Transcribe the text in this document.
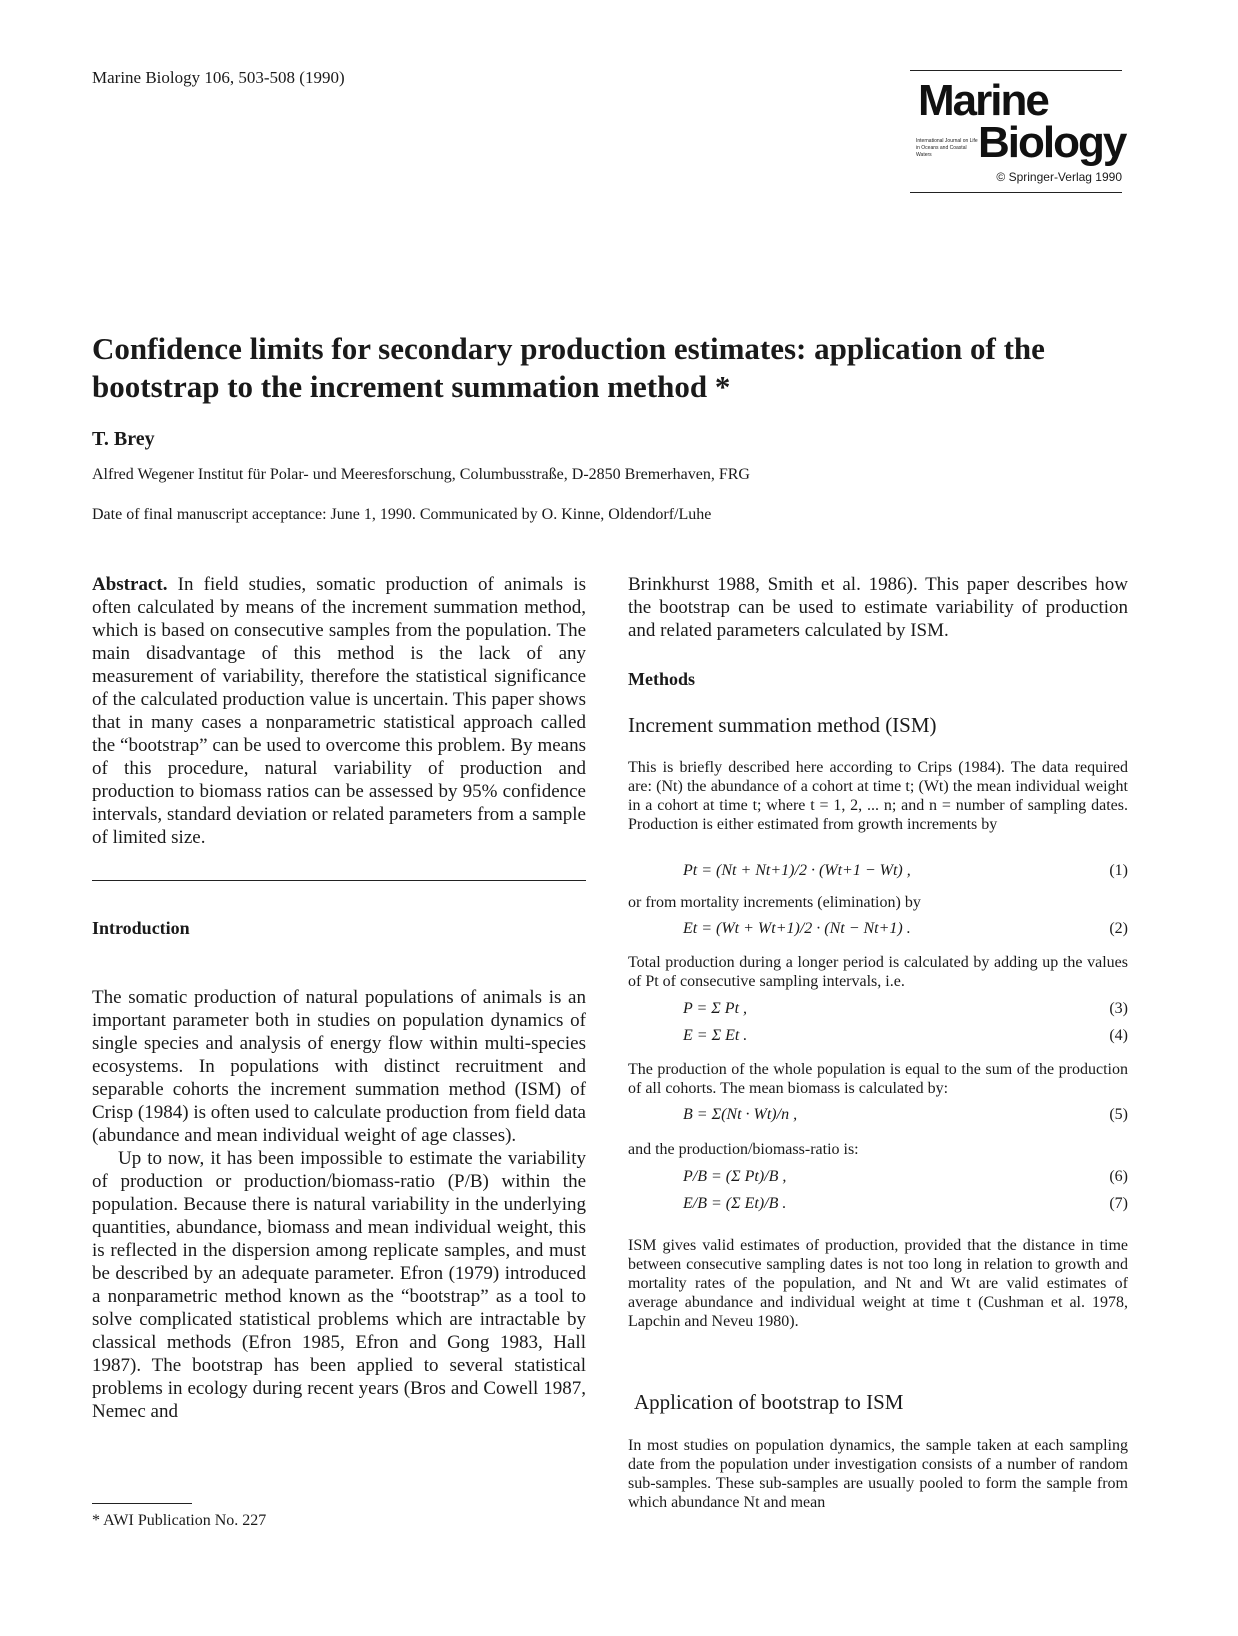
Marine Biology 106, 503-508 (1990)	Marine
International Journal on Life in Oceans and Coastal Waters	Biology
© Springer-Verlag 1990
Confidence limits for secondary production estimates: application of the bootstrap to the increment summation method *
T. Brey
Alfred Wegener Institut für Polar- und Meeresforschung, Columbusstraße, D-2850 Bremerhaven, FRG
Date of final manuscript acceptance: June 1, 1990. Communicated by O. Kinne, Oldendorf/Luhe

Abstract. In field studies, somatic production of animals is often calculated by means of the increment summation method, which is based on consecutive samples from the population. The main disadvantage of this method is the lack of any measurement of variability, therefore the statistical significance of the calculated production value is uncertain. This paper shows that in many cases a nonparametric statistical approach called the “bootstrap” can be used to overcome this problem. By means of this procedure, natural variability of production and production to biomass ratios can be assessed by 95% confidence intervals, standard deviation or related parameters from a sample of limited size.

Introduction

The somatic production of natural populations of animals is an important parameter both in studies on population dynamics of single species and analysis of energy flow within multi-species ecosystems. In populations with distinct recruitment and separable cohorts the increment summation method (ISM) of Crisp (1984) is often used to calculate production from field data (abundance and mean individual weight of age classes).

Up to now, it has been impossible to estimate the variability of production or production/biomass-ratio (P/B) within the population. Because there is natural variability in the underlying quantities, abundance, biomass and mean individual weight, this is reflected in the dispersion among replicate samples, and must be described by an adequate parameter. Efron (1979) introduced a nonparametric method known as the “bootstrap” as a tool to solve complicated statistical problems which are intractable by classical methods (Efron 1985, Efron and Gong 1983, Hall 1987). The bootstrap has been applied to several statistical problems in ecology during recent years (Bros and Cowell 1987, Nemec and

* AWI Publication No. 227

Brinkhurst 1988, Smith et al. 1986). This paper describes how the bootstrap can be used to estimate variability of production and related parameters calculated by ISM.

Methods
Increment summation method (ISM)

This is briefly described here according to Crips (1984). The data required are: (Nt) the abundance of a cohort at time t; (Wt) the mean individual weight in a cohort at time t; where t = 1, 2, ... n; and n = number of sampling dates. Production is either estimated from growth increments by

Pt = (Nt + Nt+1)/2 · (Wt+1 − Wt) ,	(1)

or from mortality increments (elimination) by

Et = (Wt + Wt+1)/2 · (Nt − Nt+1) .	(2)

Total production during a longer period is calculated by adding up the values of Pt of consecutive sampling intervals, i.e.

P = Σ Pt ,	(3)
E = Σ Et .	(4)

The production of the whole population is equal to the sum of the production of all cohorts. The mean biomass is calculated by:

B = Σ(Nt · Wt)/n ,	(5)

and the production/biomass-ratio is:

P/B = (Σ Pt)/B ,	(6)
E/B = (Σ Et)/B .	(7)

ISM gives valid estimates of production, provided that the distance in time between consecutive sampling dates is not too long in relation to growth and mortality rates of the population, and Nt and Wt are valid estimates of average abundance and individual weight at time t (Cushman et al. 1978, Lapchin and Neveu 1980).

Application of bootstrap to ISM

In most studies on population dynamics, the sample taken at each sampling date from the population under investigation consists of a number of random sub-samples. These sub-samples are usually pooled to form the sample from which abundance Nt and mean
